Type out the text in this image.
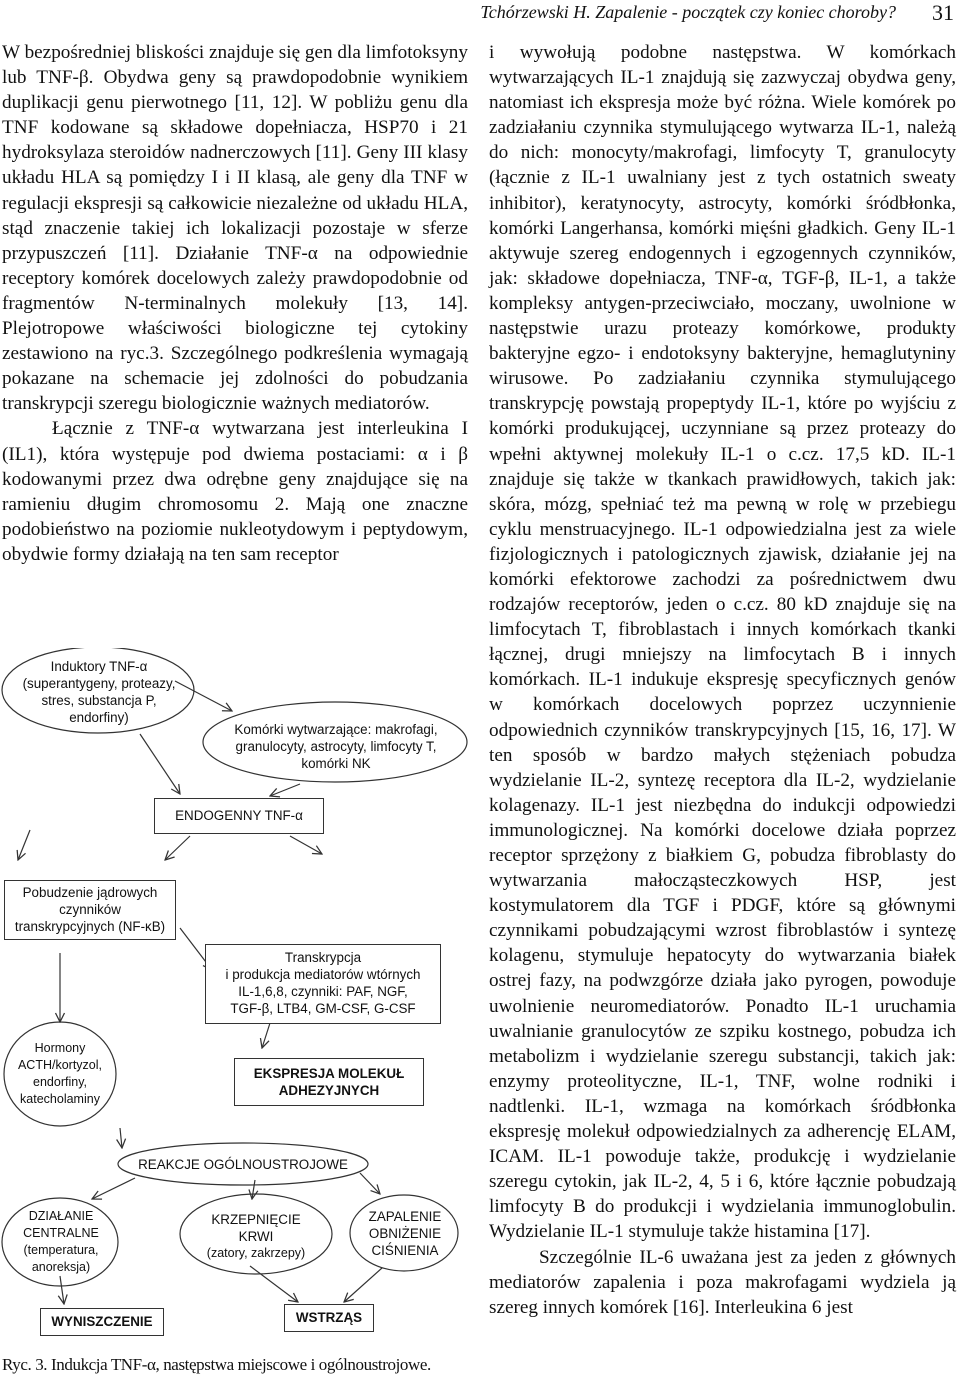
Tchórzewski H. Zapalenie - początek czy koniec choroby? 31

W bezpośredniej bliskości znajduje się gen dla limfotoksyny lub TNF-β. Obydwa geny są prawdopodobnie wynikiem duplikacji genu pierwotnego [11, 12]. W pobliżu genu dla TNF kodowane są składowe dopełniacza, HSP70 i 21 hydroksylaza steroidów nadnerczowych [11]. Geny III klasy układu HLA są pomiędzy I i II klasą, ale geny dla TNF w regulacji ekspresji są całkowicie niezależne od układu HLA, stąd znaczenie takiej ich lokalizacji pozostaje w sferze przypuszczeń [11]. Działanie TNF-α na odpowiednie receptory komórek docelowych zależy prawdopodobnie od fragmentów N-terminalnych molekuły [13, 14]. Plejotropowe właściwości biologiczne tej cytokiny zestawiono na ryc.3. Szczególnego podkreślenia wymagają pokazane na schemacie jej zdolności do pobudzania transkrypcji szeregu biologicznie ważnych mediatorów.

Łącznie z TNF-α wytwarzana jest interleukina I (IL1), która występuje pod dwiema postaciami: α i β kodowanymi przez dwa odrębne geny znajdujące się na ramieniu długim chromosomu 2. Mają one znaczne podobieństwo na poziomie nukleotydowym i peptydowym, obydwie formy działają na ten sam receptor

i wywołują podobne następstwa. W komórkach wytwarzających IL-1 znajdują się zazwyczaj obydwa geny, natomiast ich ekspresja może być różna. Wiele komórek po zadziałaniu czynnika stymulującego wytwarza IL-1, należą do nich: monocyty/makrofagi, limfocyty T, granulocyty (łącznie z IL-1 uwalniany jest z tych ostatnich sweaty inhibitor), keratynocyty, astrocyty, komórki śródbłonka, komórki Langerhansa, komórki mięśni gładkich. Geny IL-1 aktywuje szereg endogennych i egzogennych czynników, jak: składowe dopełniacza, TNF-α, TGF-β, IL-1, a także kompleksy antygen-przeciwciało, moczany, uwolnione w następstwie urazu proteazy komórkowe, produkty bakteryjne egzo- i endotoksyny bakteryjne, hemaglutyniny wirusowe. Po zadziałaniu czynnika stymulującego transkrypcję powstają propeptydy IL-1, które po wyjściu z komórki produkującej, uczynniane są przez proteazy do wpełni aktywnej molekuły IL-1 o c.cz. 17,5 kD. IL-1 znajduje się także w tkankach prawidłowych, takich jak: skóra, mózg, spełniać też ma pewną w rolę w przebiegu cyklu menstruacyjnego. IL-1 odpowiedzialna jest za wiele fizjologicznych i patologicznych zjawisk, działanie jej na komórki efektorowe zachodzi za pośrednictwem dwu rodzajów receptorów, jeden o c.cz. 80 kD znajduje się na limfocytach T, fibroblastach i innych komórkach tkanki łącznej, drugi mniejszy na limfocytach B i innych komórkach. IL-1 indukuje ekspresję specyficznych genów w komórkach docelowych poprzez uczynnienie odpowiednich czynników transkrypcyjnych [15, 16, 17]. W ten sposób w bardzo małych stężeniach pobudza wydzielanie IL-2, syntezę receptora dla IL-2, wydzielanie kolagenazy. IL-1 jest niezbędna do indukcji odpowiedzi immunologicznej. Na komórki docelowe działa poprzez receptor sprzężony z białkiem G, pobudza fibroblasty do wytwarzania małocząsteczkowych HSP, jest kostymulatorem dla TGF i PDGF, które są głównymi czynnikami pobudzającymi wzrost fibroblastów i syntezę kolagenu, stymuluje hepatocyty do wytwarzania białek ostrej fazy, na podwzgórze działa jako pyrogen, powoduje uwolnienie neuromediatorów. Ponadto IL-1 uruchamia uwalnianie granulocytów ze szpiku kostnego, pobudza ich metabolizm i wydzielanie szeregu substancji, takich jak: enzymy proteolityczne, IL-1, TNF, wolne rodniki i nadtlenki. IL-1, wzmaga na komórkach śródbłonka ekspresję molekuł odpowiedzialnych za adherencję ELAM, ICAM. IL-1 powoduje także, produkcję i wydzielanie szeregu cytokin, jak IL-2, 4, 5 i 6, które łącznie pobudzają limfocyty B do produkcji i wydzielania immunoglobulin. Wydzielanie IL-1 stymuluje także histamina [17].

Szczególnie IL-6 uważana jest za jeden z głównych mediatorów zapalenia i poza makrofagami wydziela ją szereg innych komórek [16]. Interleukina 6 jest

Induktory TNF-α
(superantygeny, proteazy,
stres, substancja P,
endorfiny)
Komórki wytwarzające: makrofagi,
granulocyty, astrocyty, limfocyty T,
komórki NK
ENDOGENNY TNF-α
Pobudzenie jądrowych
czynników
transkrypcyjnych (NF-κB)
Transkrypcja
i produkcja mediatorów wtórnych
IL-1,6,8, czynniki: PAF, NGF,
TGF-β, LTB4, GM-CSF, G-CSF
Hormony
ACTH/kortyzol,
endorfiny,
katecholaminy
EKSPRESJA MOLEKUŁ
ADHEZYJNYCH
REAKCJE OGÓLNOUSTROJOWE
DZIAŁANIE
CENTRALNE
(temperatura,
anoreksja)
KRZEPNIĘCIE
KRWI
(zatory, zakrzepy)
ZAPALENIE
OBNIŻENIE
CIŚNIENIA
WYNISZCZENIE	WSTRZĄS
Ryc. 3. Indukcja TNF-α, następstwa miejscowe i ogólnoustrojowe.
